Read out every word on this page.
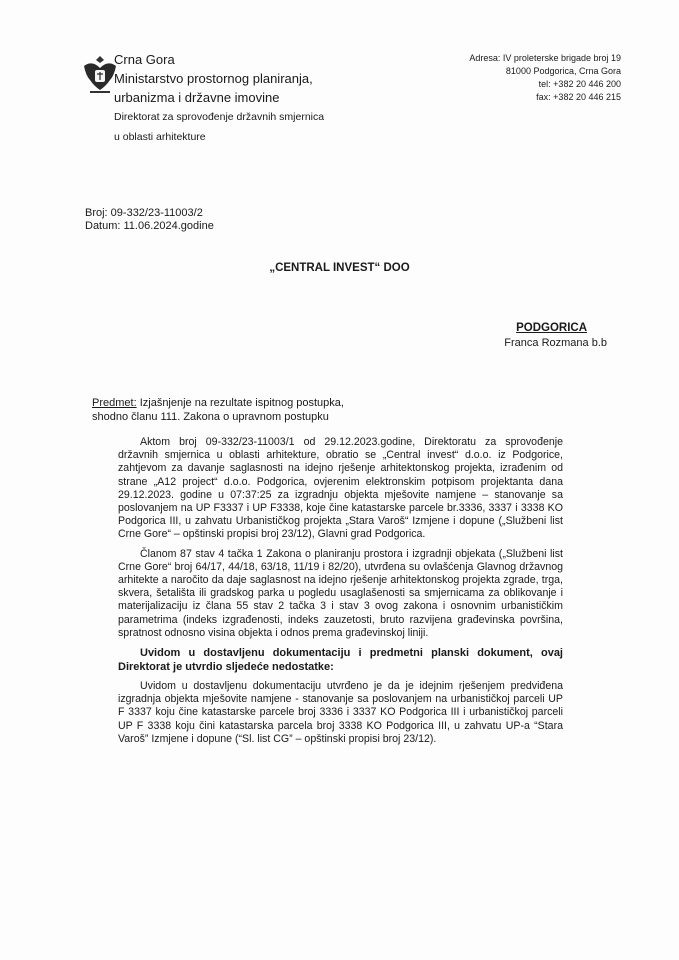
Crna Gora
Ministarstvo prostornog planiranja,
urbanizma i državne imovine
Direktorat za sprovođenje državnih smjernica
u oblasti arhitekture
Adresa: IV proleterske brigade broj 19
81000 Podgorica, Crna Gora
tel: +382 20 446 200
fax: +382 20 446 215
Broj: 09-332/23-11003/2
Datum: 11.06.2024.godine
„CENTRAL INVEST“ DOO
PODGORICA
Franca Rozmana b.b
Predmet: Izjašnjenje na rezultate ispitnog postupka,
shodno članu 111. Zakona o upravnom postupku

Aktom broj 09-332/23-11003/1 od 29.12.2023.godine, Direktoratu za sprovođenje državnih smjernica u oblasti arhitekture, obratio se „Central invest“ d.o.o. iz Podgorice, zahtjevom za davanje saglasnosti na idejno rješenje arhitektonskog projekta, izrađenim od strane „A12 project“ d.o.o. Podgorica, ovjerenim elektronskim potpisom projektanta dana 29.12.2023. godine u 07:37:25 za izgradnju objekta mješovite namjene – stanovanje sa poslovanjem na UP F3337 i UP F3338, koje čine katastarske parcele br.3336, 3337 i 3338 KO Podgorica III, u zahvatu Urbanističkog projekta „Stara Varoš“ Izmjene i dopune („Službeni list Crne Gore“ – opštinski propisi broj 23/12), Glavni grad Podgorica.

Članom 87 stav 4 tačka 1 Zakona o planiranju prostora i izgradnji objekata („Službeni list Crne Gore“ broj 64/17, 44/18, 63/18, 11/19 i 82/20), utvrđena su ovlašćenja Glavnog državnog arhitekte a naročito da daje saglasnost na idejno rješenje arhitektonskog projekta zgrade, trga, skvera, šetališta ili gradskog parka u pogledu usaglašenosti sa smjernicama za oblikovanje i materijalizaciju iz člana 55 stav 2 tačka 3 i stav 3 ovog zakona i osnovnim urbanističkim parametrima (indeks izgrađenosti, indeks zauzetosti, bruto razvijena građevinska površina, spratnost odnosno visina objekta i odnos prema građevinskoj liniji.

Uvidom u dostavljenu dokumentaciju i predmetni planski dokument, ovaj Direktorat je utvrdio sljedeće nedostatke:

Uvidom u dostavljenu dokumentaciju utvrđeno je da je idejnim rješenjem predviđena izgradnja objekta mješovite namjene - stanovanje sa poslovanjem na urbanističkoj parceli UP F 3337 koju čine katastarske parcele broj 3336 i 3337 KO Podgorica III i urbanističkoj parceli UP F 3338 koju čini katastarska parcela broj 3338 KO Podgorica III, u zahvatu UP-a “Stara Varoš” Izmjene i dopune (“Sl. list CG” – opštinski propisi broj 23/12).
